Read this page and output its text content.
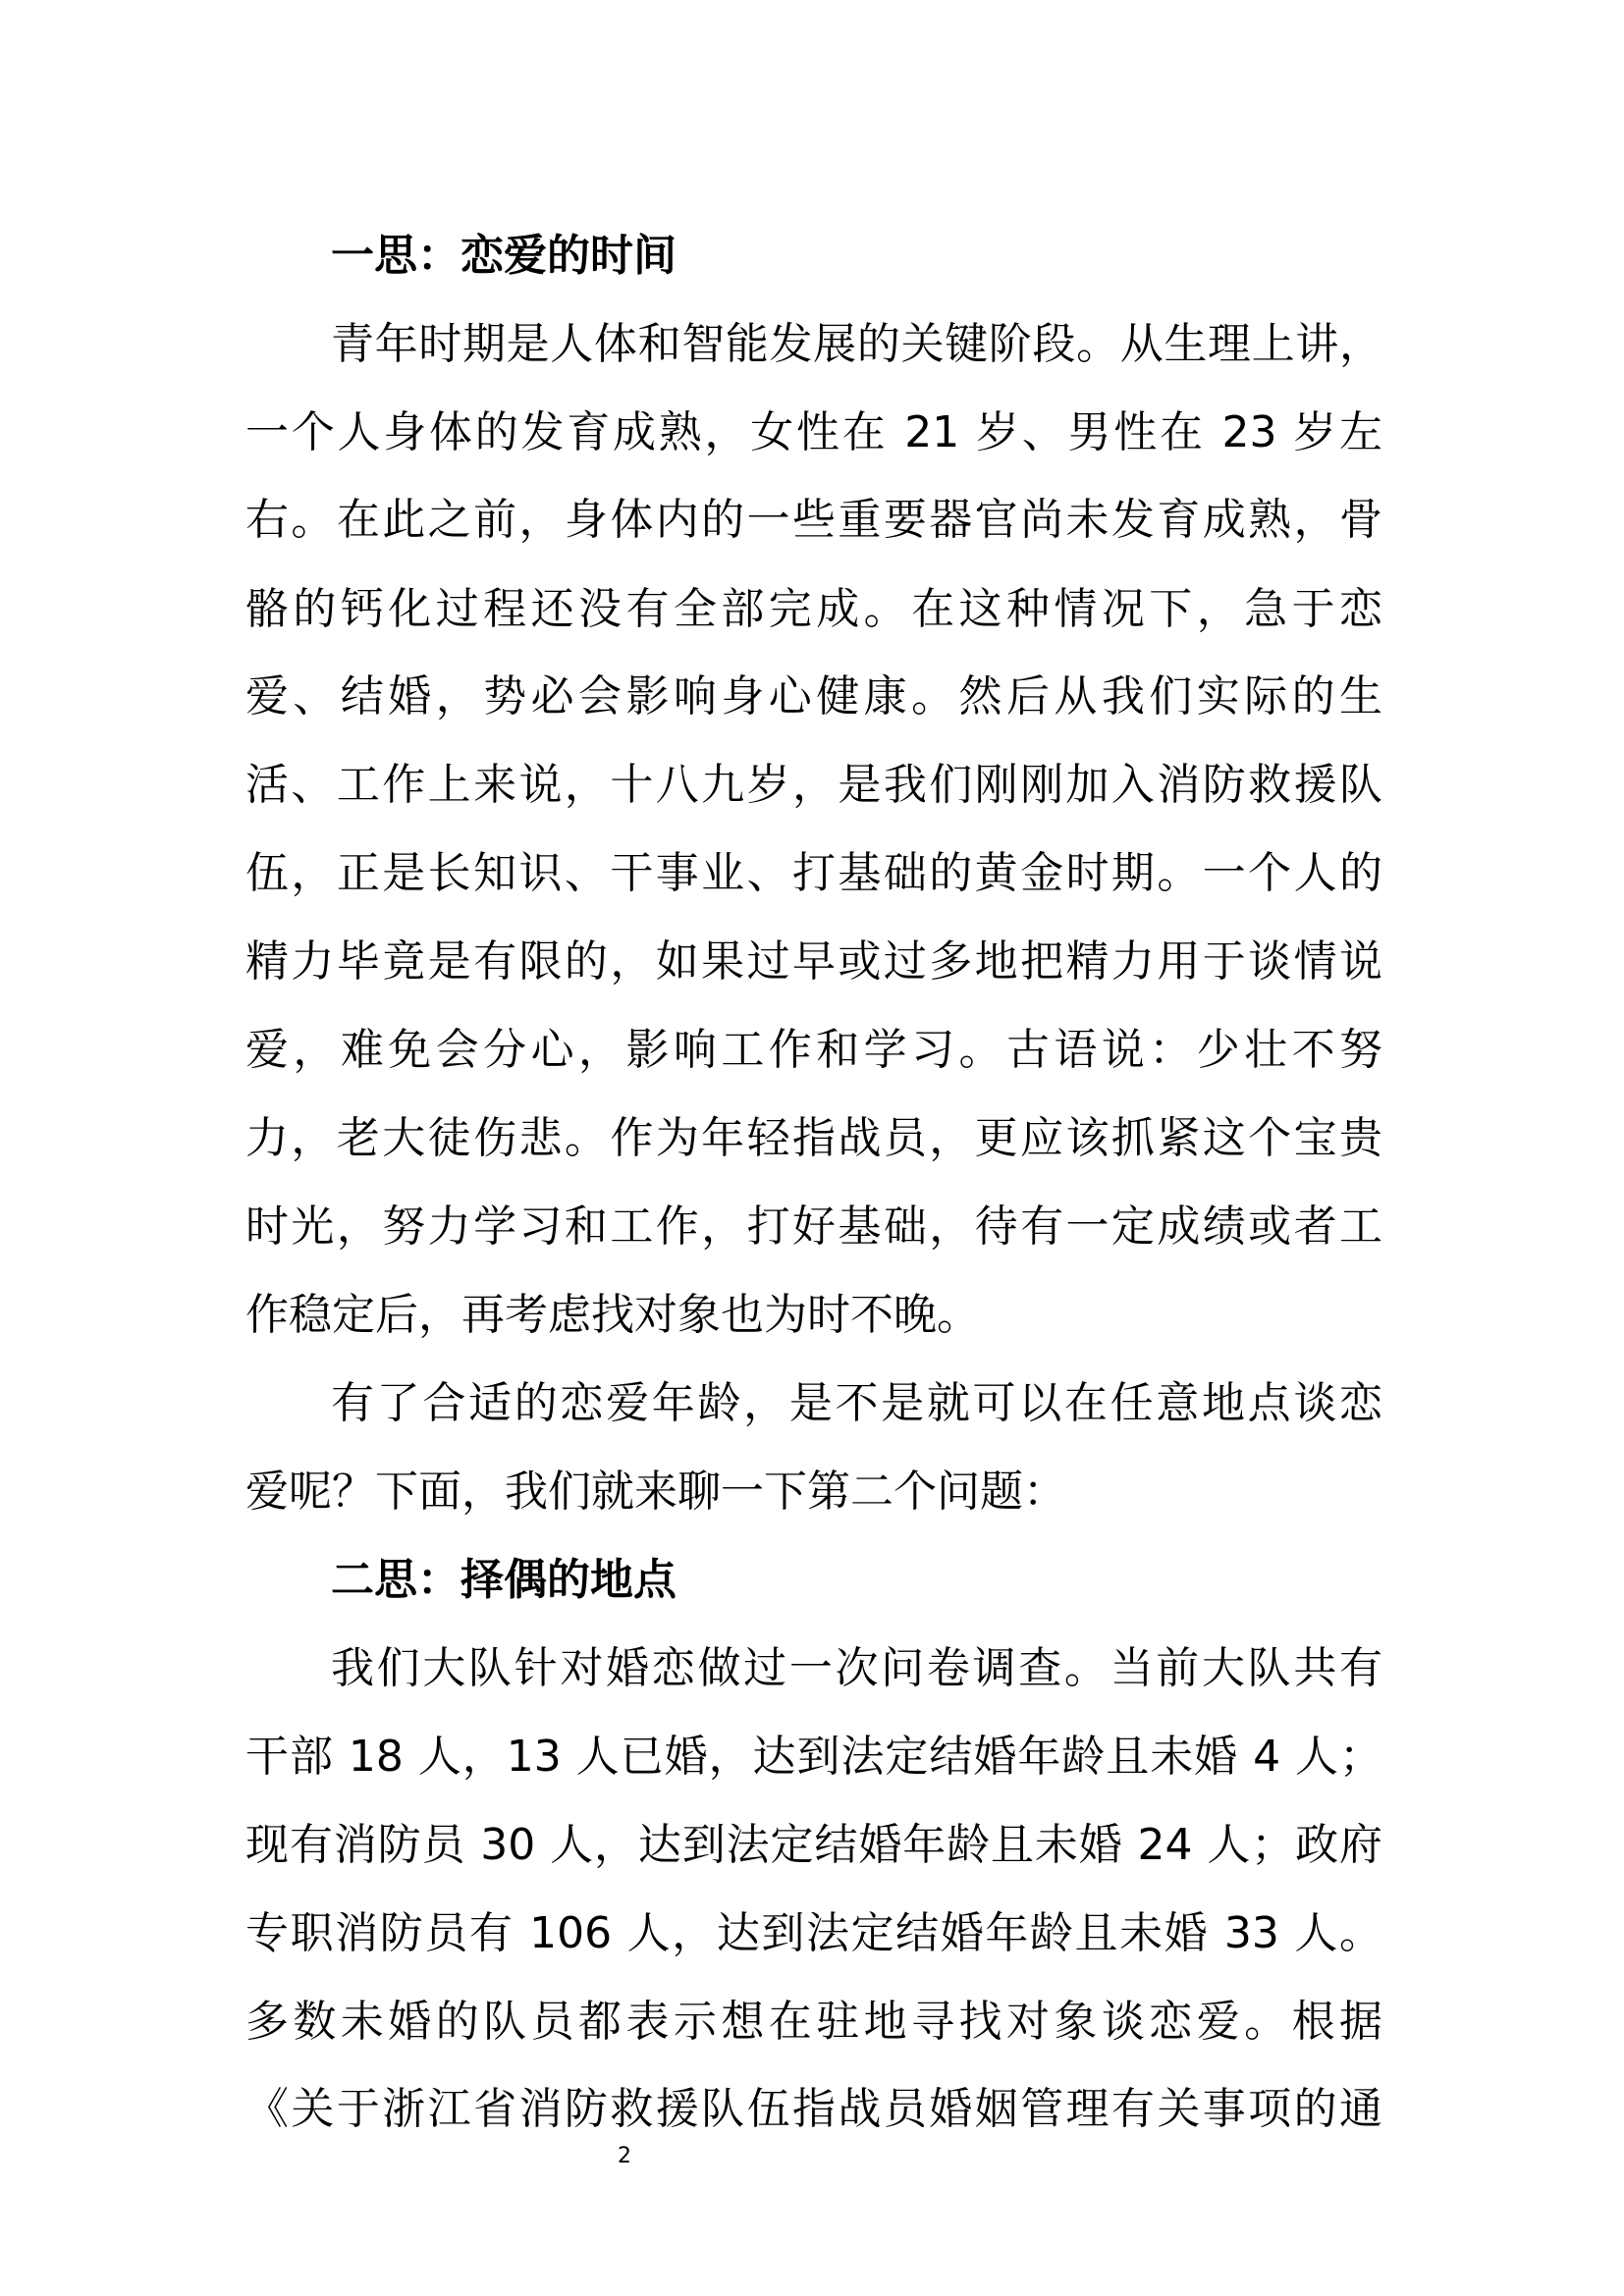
一思：恋爱的时间
青年时期是人体和智能发展的关键阶段。从生理上讲，
一个人身体的发育成熟，女性在 21 岁、男性在 23 岁左
右。在此之前，身体内的一些重要器官尚未发育成熟，骨
骼的钙化过程还没有全部完成。在这种情况下，急于恋
爱、结婚，势必会影响身心健康。然后从我们实际的生
活、工作上来说，十八九岁，是我们刚刚加入消防救援队
伍，正是长知识、干事业、打基础的黄金时期。一个人的
精力毕竟是有限的，如果过早或过多地把精力用于谈情说
爱，难免会分心，影响工作和学习。古语说：少壮不努
力，老大徒伤悲。作为年轻指战员，更应该抓紧这个宝贵
时光，努力学习和工作，打好基础，待有一定成绩或者工
作稳定后，再考虑找对象也为时不晚。
有了合适的恋爱年龄，是不是就可以在任意地点谈恋
爱呢？下面，我们就来聊一下第二个问题：
二思：择偶的地点
我们大队针对婚恋做过一次问卷调查。当前大队共有
干部 18 人，13 人已婚，达到法定结婚年龄且未婚 4 人；
现有消防员 30 人，达到法定结婚年龄且未婚 24 人；政府
专职消防员有 106 人，达到法定结婚年龄且未婚 33 人。
多数未婚的队员都表示想在驻地寻找对象谈恋爱。根据
《关于浙江省消防救援队伍指战员婚姻管理有关事项的通
2
